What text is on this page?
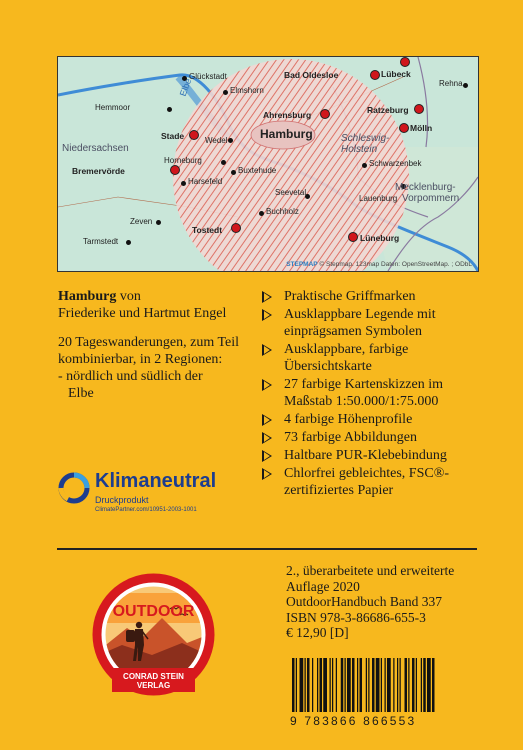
Glückstadt
Elmshorn
Bad Oldesloe	Lübeck
Rehna
Hemmoor
Ahrensburg	Ratzeburg
Hamburg
Stade	Wedel
Mölln
Horneburg	Schwarzenbek
Bremervörde
Harsefeld
Buxtehude
Seevetal
Lauenburg
Buchholz
Zeven
Tostedt
Lüneburg
Tarmstedt
Elbe
Niedersachsen
Schleswig-
Holstein
Mecklenburg-
Vorpommern
STEPMAP © Stepmap. 123map Daten: OpenStreetMap. ; ODbL

Hamburg von

Friederike und Hartmut Engel

20 Tageswanderungen, zum Teil kombinierbar, in 2 Regionen:

- nördlich und südlich der

Elbe

Praktische Griffmarken
Ausklappbare Legende mit einprägsamen Symbolen
Ausklappbare, farbige Übersichtskarte
27 farbige Kartenskizzen im Maßstab 1:50.000/1:75.000
4 farbige Höhenprofile
73 farbige Abbildungen
Haltbare PUR-Klebebindung
Chlorfrei gebleichtes, FSC®-zertifiziertes Papier
Klimaneutral
Druckprodukt
ClimatePartner.com/10951-2003-1001
2., überarbeitete und erweiterte
Auflage 2020
OutdoorHandbuch Band 337
ISBN 978-3-86686-655-3
€ 12,90 [D]
OUTDOOR
CONRAD STEIN
VERLAG
9 783866 866553
